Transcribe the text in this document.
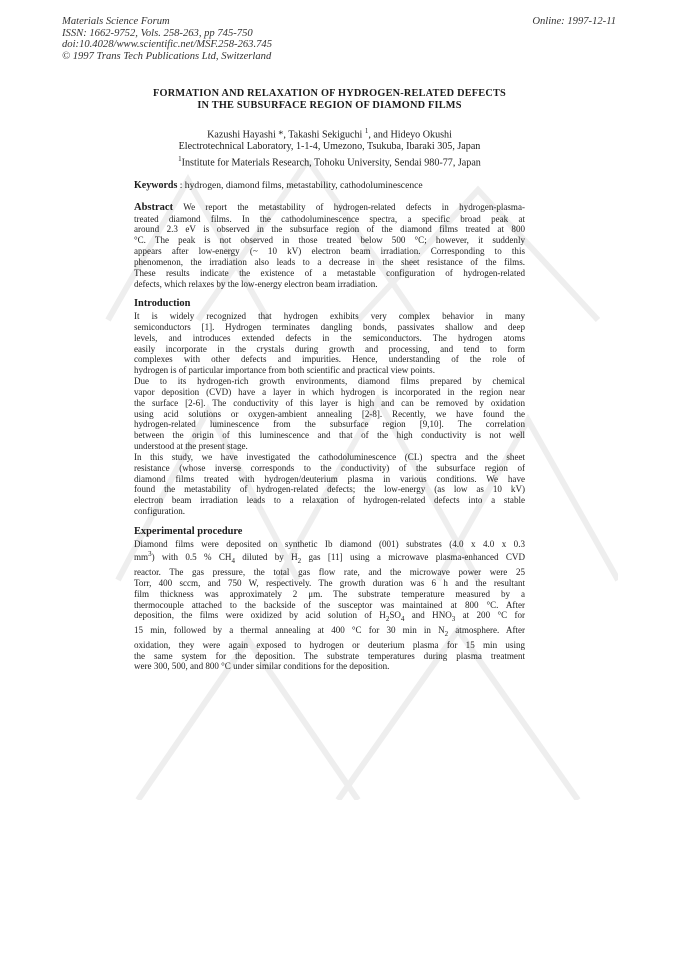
Materials Science Forum
ISSN: 1662-9752, Vols. 258-263, pp 745-750
doi:10.4028/www.scientific.net/MSF.258-263.745
© 1997 Trans Tech Publications Ltd, Switzerland
Online: 1997-12-11
FORMATION AND RELAXATION OF HYDROGEN-RELATED DEFECTS
IN THE SUBSURFACE REGION OF DIAMOND FILMS
Kazushi Hayashi *, Takashi Sekiguchi $^1$, and Hideyo Okushi
Electrotechnical Laboratory, 1-1-4, Umezono, Tsukuba, Ibaraki 305, Japan
$^1$Institute for Materials Research, Tohoku University, Sendai 980-77, Japan
Keywords : hydrogen, diamond films, metastability, cathodoluminescence
Abstract We report the metastability of hydrogen-related defects in hydrogen-plasma-
treated diamond films. In the cathodoluminescence spectra, a specific broad peak at
around 2.3 eV is observed in the subsurface region of the diamond films treated at 800
°C. The peak is not observed in those treated below 500 °C; however, it suddenly
appears after low-energy (~ 10 kV) electron beam irradiation. Corresponding to this
phenomenon, the irradiation also leads to a decrease in the sheet resistance of the films.
These results indicate the existence of a metastable configuration of hydrogen-related
defects, which relaxes by the low-energy electron beam irradiation.
Introduction
It is widely recognized that hydrogen exhibits very complex behavior in many
semiconductors [1]. Hydrogen terminates dangling bonds, passivates shallow and deep
levels, and introduces extended defects in the semiconductors. The hydrogen atoms
easily incorporate in the crystals during growth and processing, and tend to form
complexes with other defects and impurities. Hence, understanding of the role of
hydrogen is of particular importance from both scientific and practical view points.
Due to its hydrogen-rich growth environments, diamond films prepared by chemical
vapor deposition (CVD) have a layer in which hydrogen is incorporated in the region near
the surface [2-6]. The conductivity of this layer is high and can be removed by oxidation
using acid solutions or oxygen-ambient annealing [2-8]. Recently, we have found the
hydrogen-related luminescence from the subsurface region [9,10]. The correlation
between the origin of this luminescence and that of the high conductivity is not well
understood at the present stage.
In this study, we have investigated the cathodoluminescence (CL) spectra and the sheet
resistance (whose inverse corresponds to the conductivity) of the subsurface region of
diamond films treated with hydrogen/deuterium plasma in various conditions. We have
found the metastability of hydrogen-related defects; the low-energy (as low as 10 kV)
electron beam irradiation leads to a relaxation of hydrogen-related defects into a stable
configuration.
Experimental procedure
Diamond films were deposited on synthetic Ib diamond (001) substrates (4.0 x 4.0 x 0.3
$mm^3$) with 0.5 % $CH_4$ diluted by $H_2$ gas [11] using a microwave plasma-enhanced CVD
reactor. The gas pressure, the total gas flow rate, and the microwave power were 25
Torr, 400 sccm, and 750 W, respectively. The growth duration was 6 h and the resultant
film thickness was approximately 2 μm. The substrate temperature measured by a
thermocouple attached to the backside of the susceptor was maintained at 800 °C. After
deposition, the films were oxidized by acid solution of $H_2SO_4$ and $HNO_3$ at 200 °C for
15 min, followed by a thermal annealing at 400 °C for 30 min in $N_2$ atmosphere. After
oxidation, they were again exposed to hydrogen or deuterium plasma for 15 min using
the same system for the deposition. The substrate temperatures during plasma treatment
were 300, 500, and 800 °C under similar conditions for the deposition.
